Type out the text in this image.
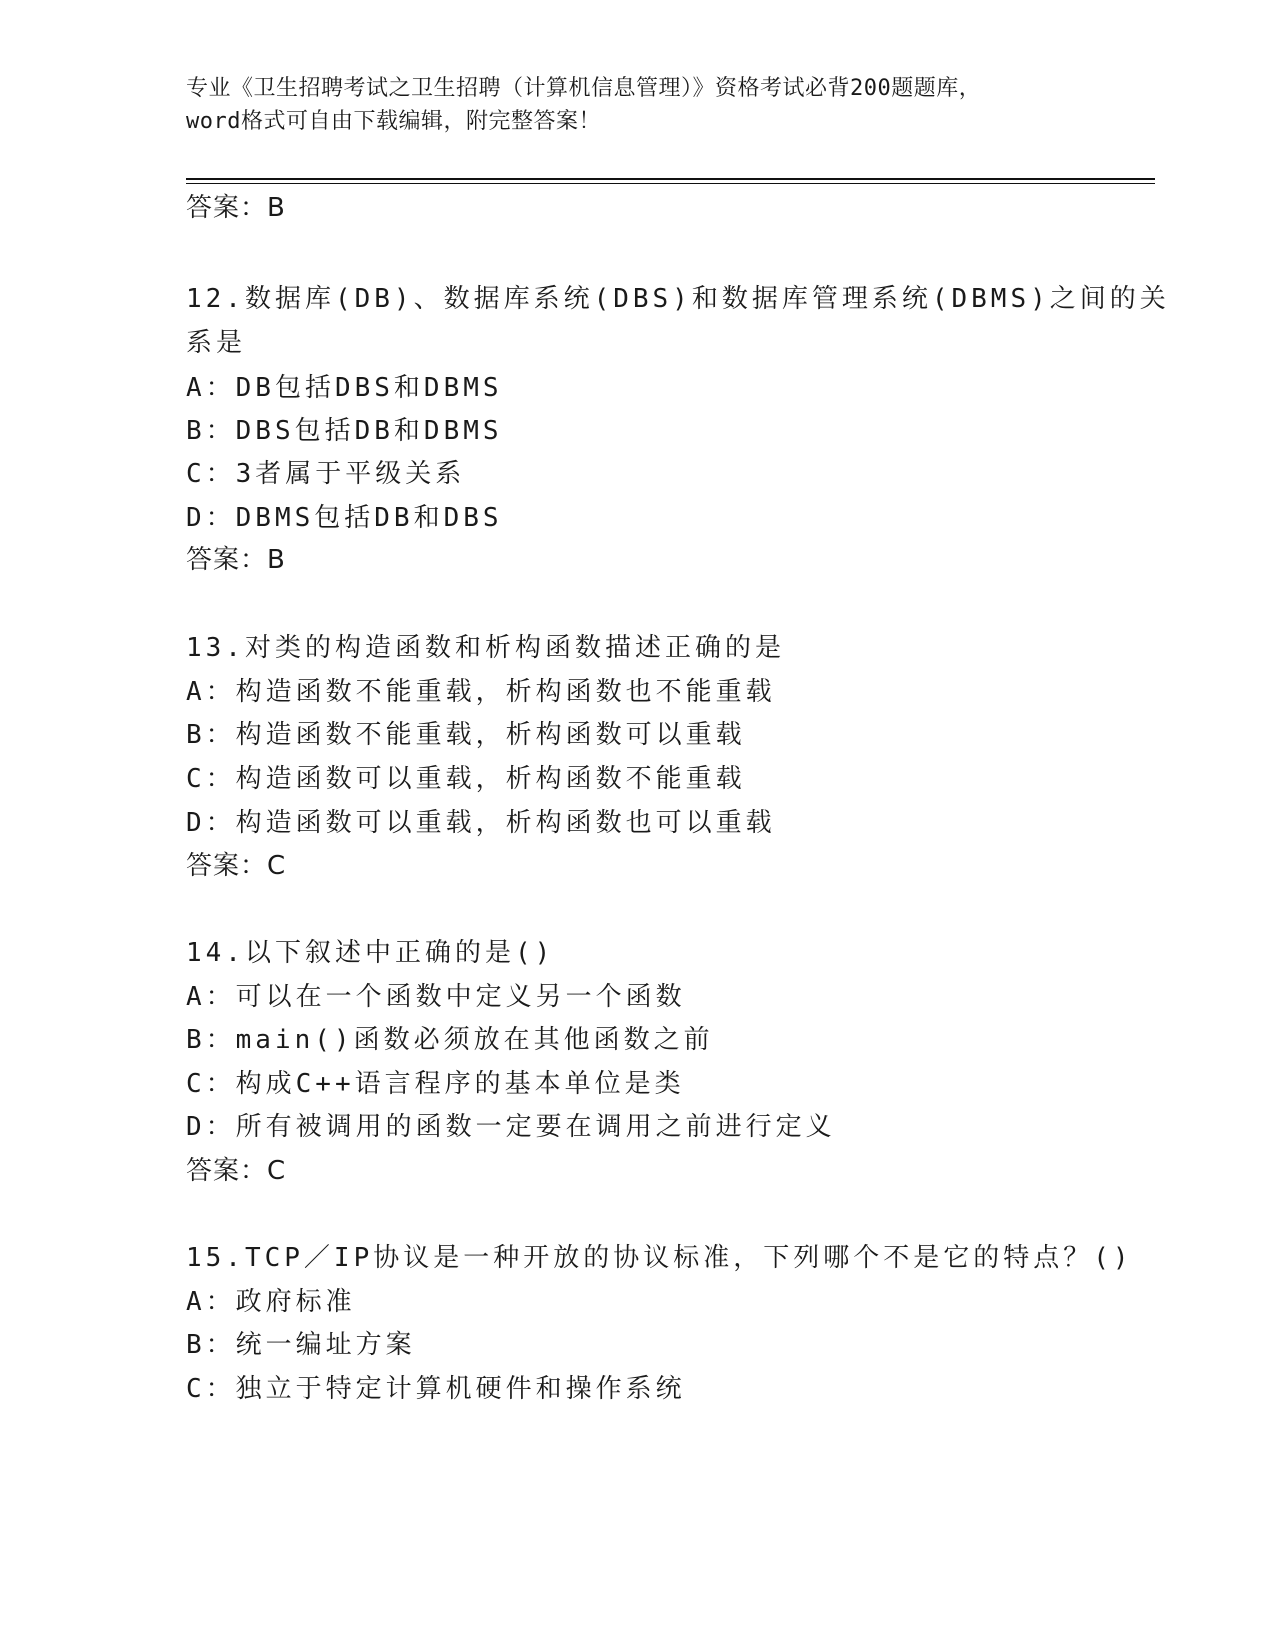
专业《卫生招聘考试之卫生招聘（计算机信息管理）》资格考试必背200题题库，
word格式可自由下载编辑，附完整答案！
答案：B
12.数据库(DB)、数据库系统(DBS)和数据库管理系统(DBMS)之间的关
系是
A：DB包括DBS和DBMS
B：DBS包括DB和DBMS
C：3者属于平级关系
D：DBMS包括DB和DBS
答案：B
13.对类的构造函数和析构函数描述正确的是
A：构造函数不能重载，析构函数也不能重载
B：构造函数不能重载，析构函数可以重载
C：构造函数可以重载，析构函数不能重载
D：构造函数可以重载，析构函数也可以重载
答案：C
14.以下叙述中正确的是()
A：可以在一个函数中定义另一个函数
B：main()函数必须放在其他函数之前
C：构成C++语言程序的基本单位是类
D：所有被调用的函数一定要在调用之前进行定义
答案：C
15.TCP／IP协议是一种开放的协议标准，下列哪个不是它的特点？()
A：政府标准
B：统一编址方案
C：独立于特定计算机硬件和操作系统
